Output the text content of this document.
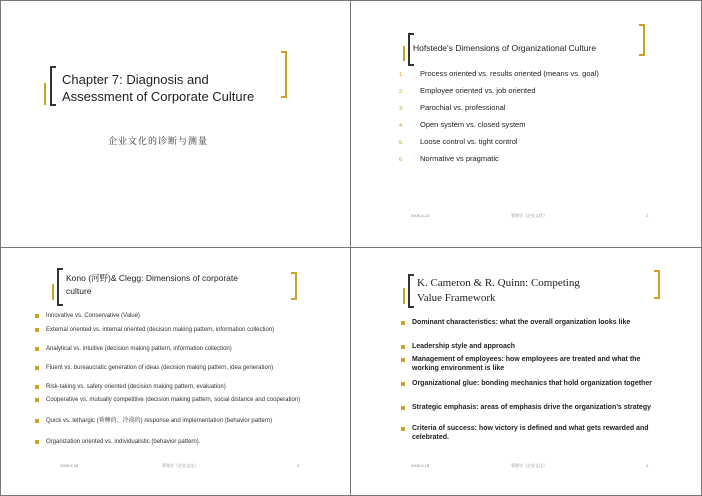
Chapter 7: Diagnosis and
Assessment of Corporate Culture
企业文化的诊断与测量
Hofstede's Dimensions of Organizational Culture
1.	Process oriented vs. results oriented (means vs. goal)
2.	Employee oriented vs. job oriented
3.	Parochial vs. professional
4.	Open system vs. closed system
5.	Loose control vs. tight control
6.	Normative vs pragmatic
2008-5-18	管理学《企业文化》	2
Kono (河野)& Clegg: Dimensions of corporate
culture
Innovative vs. Conservative (Value)
External oriented vs. internal oriented (decision making pattern, information collection)
Analytical vs. intuitive (decision making pattern, information collection)
Fluent vs. bureaucratic generation of ideas (decision making pattern, idea generation)
Risk-taking vs. safety oriented (decision making pattern, evaluation)
Cooperative vs. mutually competitive (decision making pattern, social distance and cooperation)
Quick vs. lethargic (昏睡的、冷漠的) response and implementation (behavior pattern)
Organization oriented vs. individualistic (behavior pattern).
2008-5-18	管理学《企业文化》	3
K. Cameron & R. Quinn: Competing
Value Framework
Dominant characteristics: what the overall organization looks like
Leadership style and approach
Management of employees: how employees are treated and what the working environment is like
Organizational glue: bonding mechanics that hold organization together
Strategic emphasis: areas of emphasis drive the organization’s strategy
Criteria of success: how victory is defined and what gets rewarded and celebrated.
2008-5-18	管理学《企业文化》	4
